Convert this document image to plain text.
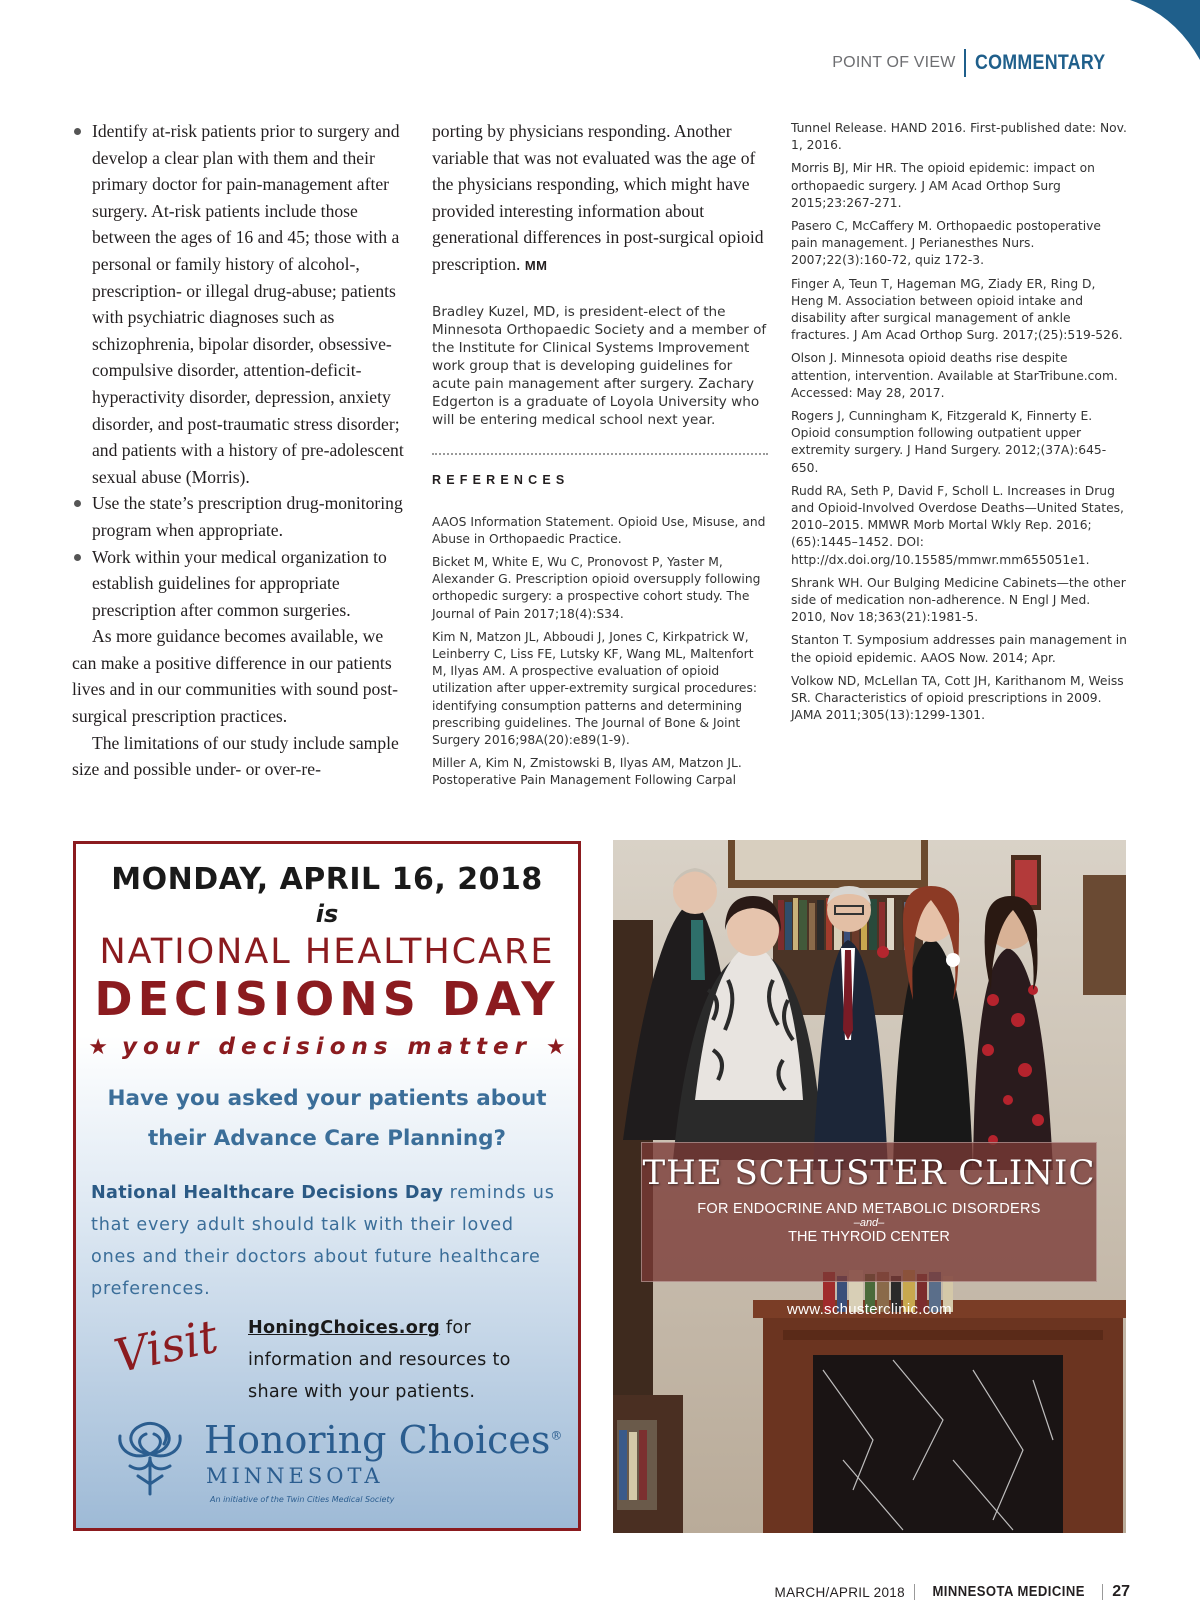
POINT OF VIEW COMMENTARY
Identify at-risk patients prior to surgery and develop a clear plan with them and their primary doctor for pain-management after surgery. At-risk patients include those between the ages of 16 and 45; those with a personal or family history of alcohol-, prescription- or illegal drug-abuse; patients with psychiatric diagnoses such as schizophrenia, bipolar disorder, obsessive-compulsive disorder, attention-deficit-hyperactivity disorder, depression, anxiety disorder, and post-traumatic stress disorder; and patients with a history of pre-adolescent sexual abuse (Morris).
Use the state’s prescription drug-monitoring program when appropriate.
Work within your medical organization to establish guidelines for appropriate prescription after common surgeries.

As more guidance becomes available, we can make a positive difference in our patients lives and in our communities with sound post-surgical prescription practices.

The limitations of our study include sample size and possible under- or over-re-

porting by physicians responding. Another variable that was not evaluated was the age of the physicians responding, which might have provided interesting information about generational differences in post-surgical opioid prescription. MM

Bradley Kuzel, MD, is president-elect of the Minnesota Orthopaedic Society and a member of the Institute for Clinical Systems Improvement work group that is developing guidelines for acute pain management after surgery. Zachary Edgerton is a graduate of Loyola University who will be entering medical school next year.

REFERENCES

AAOS Information Statement. Opioid Use, Misuse, and Abuse in Orthopaedic Practice.

Bicket M, White E, Wu C, Pronovost P, Yaster M, Alexander G. Prescription opioid oversupply following orthopedic surgery: a prospective cohort study. The Journal of Pain 2017;18(4):S34.

Kim N, Matzon JL, Abboudi J, Jones C, Kirkpatrick W, Leinberry C, Liss FE, Lutsky KF, Wang ML, Maltenfort M, Ilyas AM. A prospective evaluation of opioid utilization after upper-extremity surgical procedures: identifying consumption patterns and determining prescribing guidelines. The Journal of Bone & Joint Surgery 2016;98A(20):e89(1-9).

Miller A, Kim N, Zmistowski B, Ilyas AM, Matzon JL. Postoperative Pain Management Following Carpal

Tunnel Release. HAND 2016. First-published date: Nov. 1, 2016.

Morris BJ, Mir HR. The opioid epidemic: impact on orthopaedic surgery. J AM Acad Orthop Surg 2015;23:267-271.

Pasero C, McCaffery M. Orthopaedic postoperative pain management. J Perianesthes Nurs. 2007;22(3):160-72, quiz 172-3.

Finger A, Teun T, Hageman MG, Ziady ER, Ring D, Heng M. Association between opioid intake and disability after surgical management of ankle fractures. J Am Acad Orthop Surg. 2017;(25):519-526.

Olson J. Minnesota opioid deaths rise despite attention, intervention. Available at StarTribune.com. Accessed: May 28, 2017.

Rogers J, Cunningham K, Fitzgerald K, Finnerty E. Opioid consumption following outpatient upper extremity surgery. J Hand Surgery. 2012;(37A):645-650.

Rudd RA, Seth P, David F, Scholl L. Increases in Drug and Opioid-Involved Overdose Deaths—United States, 2010–2015. MMWR Morb Mortal Wkly Rep. 2016;(65):1445–1452. DOI: http://dx.doi.org/10.15585/mmwr.mm655051e1.

Shrank WH. Our Bulging Medicine Cabinets—the other side of medication non-adherence. N Engl J Med. 2010, Nov 18;363(21):1981-5.

Stanton T. Symposium addresses pain management in the opioid epidemic. AAOS Now. 2014; Apr.

Volkow ND, McLellan TA, Cott JH, Karithanom M, Weiss SR. Characteristics of opioid prescriptions in 2009. JAMA 2011;305(13):1299-1301.

MONDAY, APRIL 16, 2018
is
NATIONAL HEALTHCARE
DECISIONS DAY
★ your decisions matter ★
Have you asked your patients about
their Advance Care Planning?
National Healthcare Decisions Day reminds us that every adult should talk with their loved ones and their doctors about future healthcare preferences.
Visit HoningChoices.org for information and resources to share with your patients.
Honoring Choices®
MINNESOTA
An initiative of the Twin Cities Medical Society
THE SCHUSTER CLINIC
FOR ENDOCRINE AND METABOLIC DISORDERS
–and–
THE THYROID CENTER
www.schusterclinic.com
MARCH/APRIL 2018 MINNESOTA MEDICINE 27
